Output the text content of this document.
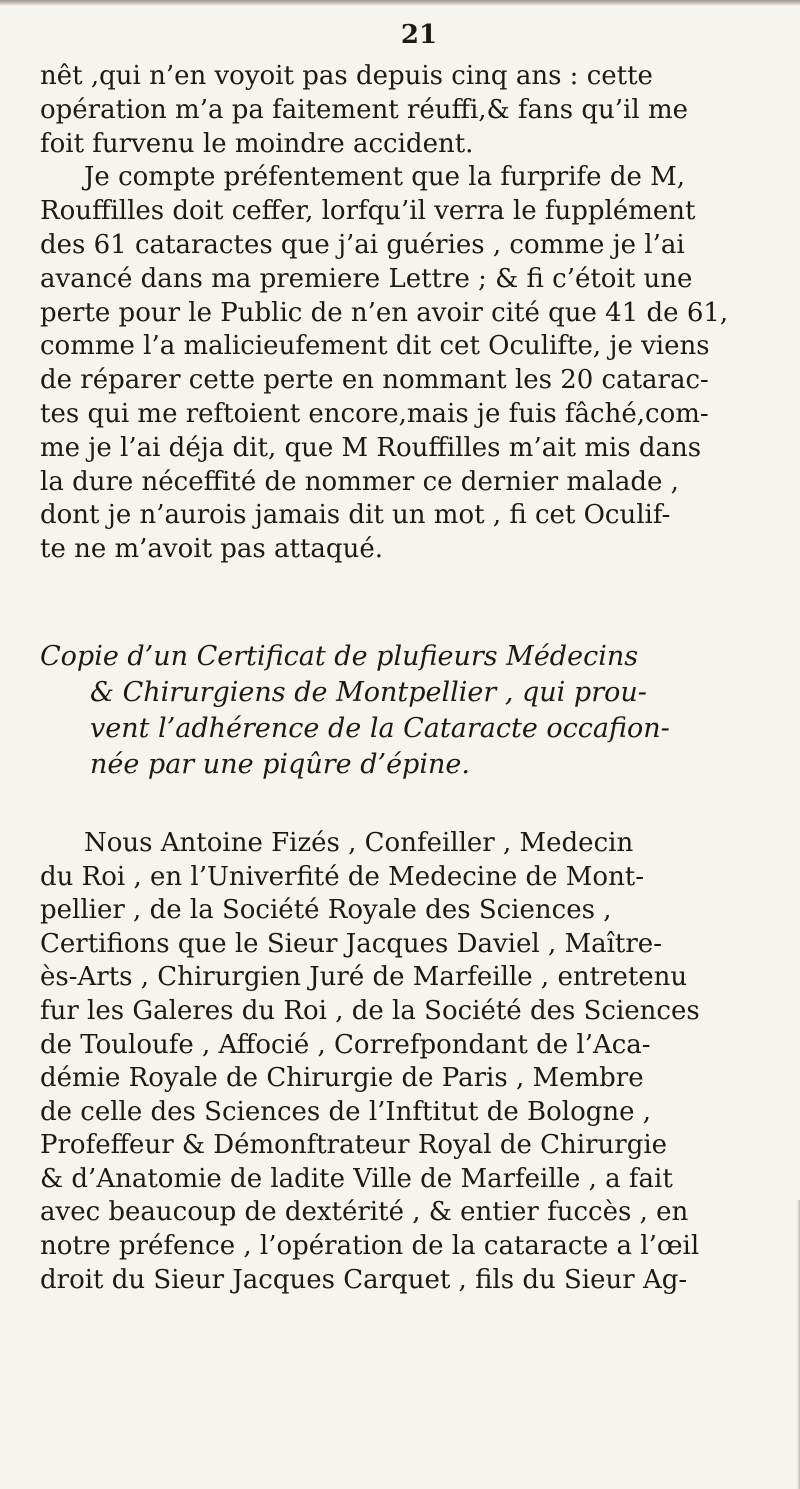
21

nêt ,qui n’en voyoit pas depuis cinq ans : cette
opération m’a pa faitement réuffi,& fans qu’il me
foit furvenu le moindre accident.

Je compte préfentement que la furprife de M,
Rouffilles doit ceffer, lorfqu’il verra le fupplément
des 61 cataractes que j’ai guéries , comme je l’ai
avancé dans ma premiere Lettre ; & fi c’étoit une
perte pour le Public de n’en avoir cité que 41 de 61,
comme l’a malicieufement dit cet Oculifte, je viens
de réparer cette perte en nommant les 20 catarac-
tes qui me reftoient encore,mais je fuis fâché,com-
me je l’ai déja dit, que M Rouffilles m’ait mis dans
la dure néceffité de nommer ce dernier malade ,
dont je n’aurois jamais dit un mot , fi cet Oculif-
te ne m’avoit pas attaqué.

Copie d’un Certificat de plufieurs Médecins
& Chirurgiens de Montpellier , qui prou-
vent l’adhérence de la Cataracte occafion-
née par une piqûre d’épine.
Nous Antoine Fizés , Confeiller , Medecin
du Roi , en l’Univerfité de Medecine de Mont-
pellier , de la Société Royale des Sciences ,
Certifions que le Sieur Jacques Daviel , Maître-
ès-Arts , Chirurgien Juré de Marfeille , entretenu
fur les Galeres du Roi , de la Société des Sciences
de Touloufe , Affocié , Correfpondant de l’Aca-
démie Royale de Chirurgie de Paris , Membre
de celle des Sciences de l’Inftitut de Bologne ,
Profeffeur & Démonftrateur Royal de Chirurgie
& d’Anatomie de ladite Ville de Marfeille , a fait
avec beaucoup de dextérité , & entier fuccès , en
notre préfence , l’opération de la cataracte a l’œil
droit du Sieur Jacques Carquet , fils du Sieur Ag-
